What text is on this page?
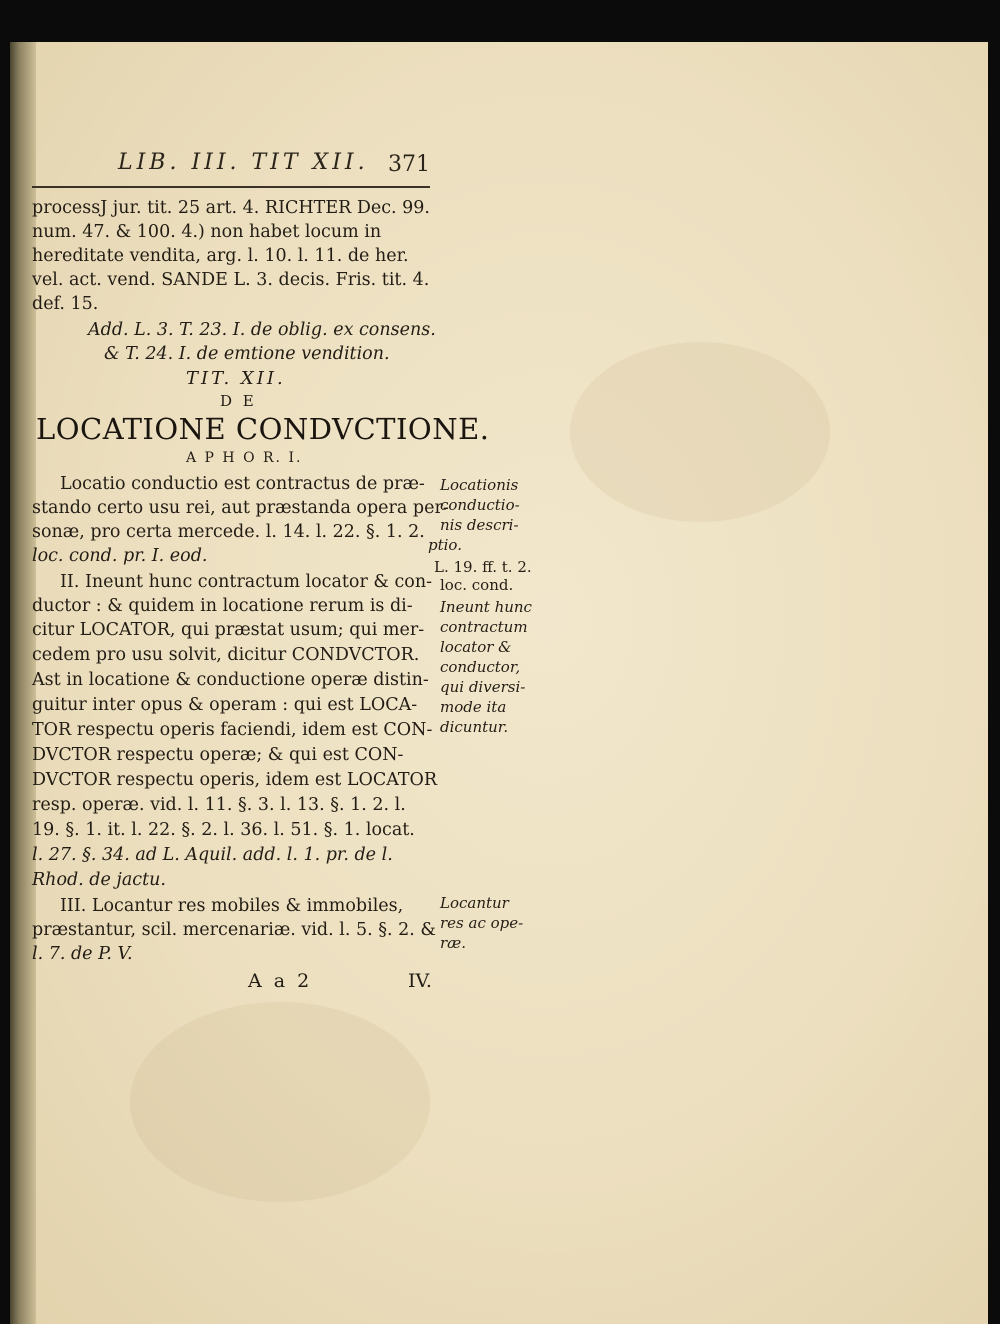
LIB. III. TIT XII. 371
processJ jur. tit. 25 art. 4. RICHTER Dec. 99.
num. 47. & 100. 4.) non habet locum in
hereditate vendita, arg. l. 10. l. 11. de her.
vel. act. vend. SANDE L. 3. decis. Fris. tit. 4.
def. 15.
Add. L. 3. T. 23. I. de oblig. ex consens.
& T. 24. I. de emtione vendition.
TIT. XII.
D E
LOCATIONE CONDVCTIONE.
A P H O R. I.
Locatio conductio est contractus de præ-
stando certo usu rei, aut præstanda opera per-
sonæ, pro certa mercede. l. 14. l. 22. §. 1. 2.
loc. cond. pr. I. eod.
II. Ineunt hunc contractum locator & con-
ductor : & quidem in locatione rerum is di-
citur LOCATOR, qui præstat usum; qui mer-
cedem pro usu solvit, dicitur CONDVCTOR.
Ast in locatione & conductione operæ distin-
guitur inter opus & operam : qui est LOCA-
TOR respectu operis faciendi, idem est CON-
DVCTOR respectu operæ; & qui est CON-
DVCTOR respectu operis, idem est LOCATOR
resp. operæ. vid. l. 11. §. 3. l. 13. §. 1. 2. l.
19. §. 1. it. l. 22. §. 2. l. 36. l. 51. §. 1. locat.
l. 27. §. 34. ad L. Aquil. add. l. 1. pr. de l.
Rhod. de jactu.
III. Locantur res mobiles & immobiles,
præstantur, scil. mercenariæ. vid. l. 5. §. 2. &
l. 7. de P. V.
Locationis
conductio-
nis descri-
ptio.
L. 19. ff. t. 2.
loc. cond.
Ineunt hunc
contractum
locator &
conductor,
qui diversi-
mode ita
dicuntur.
Locantur
res ac ope-
ræ.
A a 2	IV.
